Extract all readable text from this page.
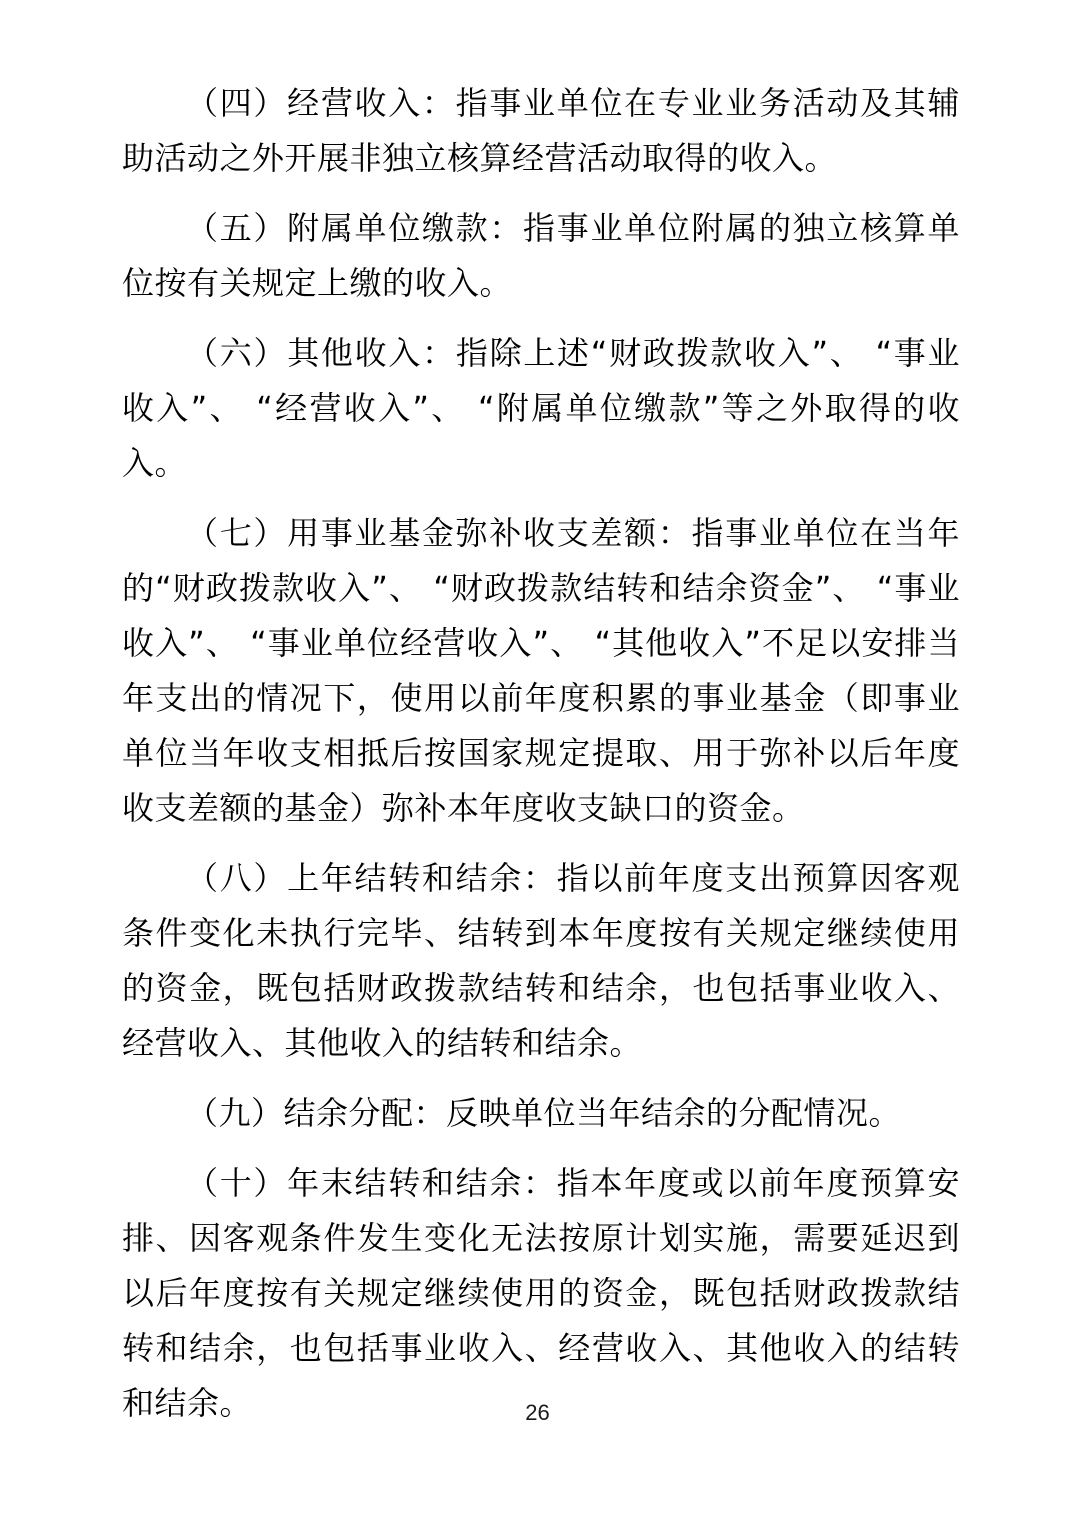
（四）经营收入：指事业单位在专业业务活动及其辅助活动之外开展非独立核算经营活动取得的收入。

（五）附属单位缴款：指事业单位附属的独立核算单位按有关规定上缴的收入。

（六）其他收入：指除上述“财政拨款收入”、 “事业收入”、 “经营收入”、 “附属单位缴款”等之外取得的收入。

（七）用事业基金弥补收支差额：指事业单位在当年的“财政拨款收入”、 “财政拨款结转和结余资金”、 “事业收入”、 “事业单位经营收入”、 “其他收入”不足以安排当年支出的情况下，使用以前年度积累的事业基金（即事业单位当年收支相抵后按国家规定提取、用于弥补以后年度收支差额的基金）弥补本年度收支缺口的资金。

（八）上年结转和结余：指以前年度支出预算因客观条件变化未执行完毕、结转到本年度按有关规定继续使用的资金，既包括财政拨款结转和结余，也包括事业收入、经营收入、其他收入的结转和结余。

（九）结余分配：反映单位当年结余的分配情况。

（十）年末结转和结余：指本年度或以前年度预算安排、因客观条件发生变化无法按原计划实施，需要延迟到以后年度按有关规定继续使用的资金，既包括财政拨款结转和结余，也包括事业收入、经营收入、其他收入的结转和结余。	26
